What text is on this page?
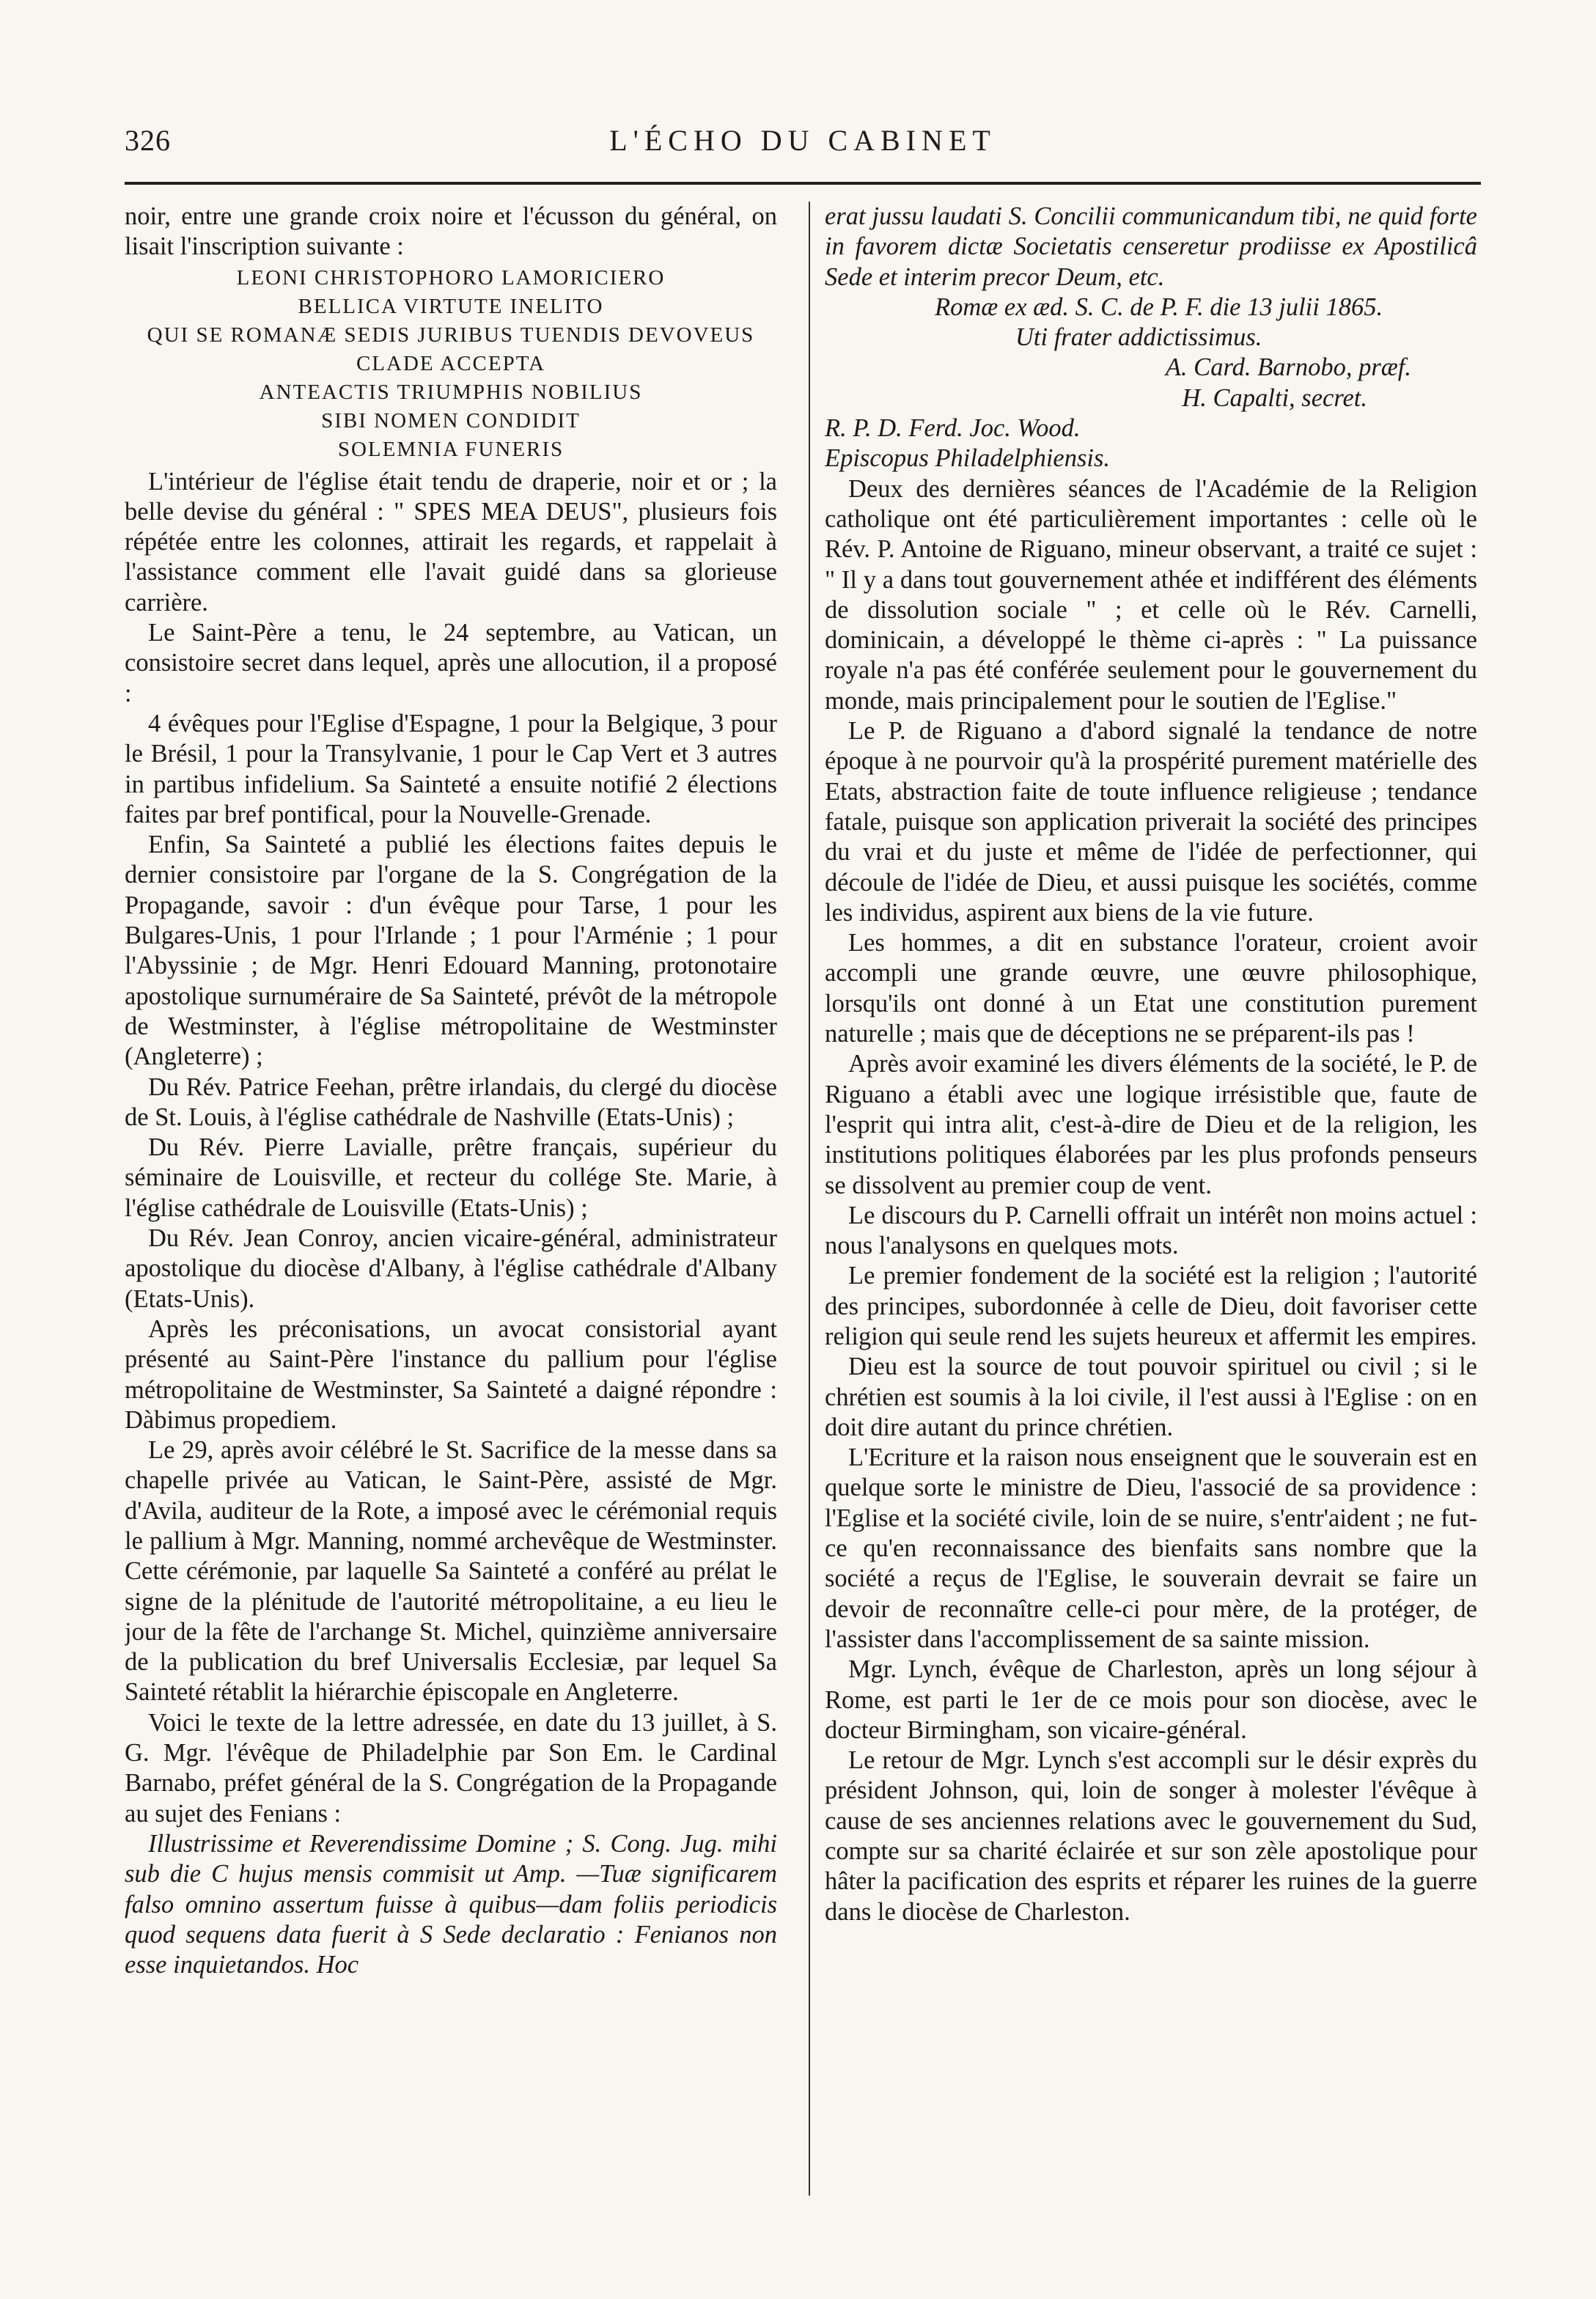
326	L'ÉCHO DU CABINET

noir, entre une grande croix noire et l'écusson du général, on lisait l'inscription suivante :

LEONI CHRISTOPHORO LAMORICIERO
BELLICA VIRTUTE INELITO
QUI SE ROMANÆ SEDIS JURIBUS TUENDIS DEVOVEUS
CLADE ACCEPTA
ANTEACTIS TRIUMPHIS NOBILIUS
SIBI NOMEN CONDIDIT
SOLEMNIA FUNERIS

L'intérieur de l'église était tendu de draperie, noir et or ; la belle devise du général : " SPES MEA DEUS", plusieurs fois répétée entre les colonnes, attirait les regards, et rappelait à l'assistance comment elle l'avait guidé dans sa glorieuse carrière.

Le Saint-Père a tenu, le 24 septembre, au Vatican, un consistoire secret dans lequel, après une allocution, il a proposé :

4 évêques pour l'Eglise d'Espagne, 1 pour la Belgique, 3 pour le Brésil, 1 pour la Transylvanie, 1 pour le Cap Vert et 3 autres in partibus infidelium. Sa Sainteté a ensuite notifié 2 élections faites par bref pontifical, pour la Nouvelle-Grenade.

Enfin, Sa Sainteté a publié les élections faites depuis le dernier consistoire par l'organe de la S. Congrégation de la Propagande, savoir : d'un évêque pour Tarse, 1 pour les Bulgares-Unis, 1 pour l'Irlande ; 1 pour l'Arménie ; 1 pour l'Abyssinie ; de Mgr. Henri Edouard Manning, protonotaire apostolique surnuméraire de Sa Sainteté, prévôt de la métropole de Westminster, à l'église métropolitaine de Westminster (Angleterre) ;

Du Rév. Patrice Feehan, prêtre irlandais, du clergé du diocèse de St. Louis, à l'église cathédrale de Nashville (Etats-Unis) ;

Du Rév. Pierre Lavialle, prêtre français, supérieur du séminaire de Louisville, et recteur du collége Ste. Marie, à l'église cathédrale de Louisville (Etats-Unis) ;

Du Rév. Jean Conroy, ancien vicaire-général, administrateur apostolique du diocèse d'Albany, à l'église cathédrale d'Albany (Etats-Unis).

Après les préconisations, un avocat consistorial ayant présenté au Saint-Père l'instance du pallium pour l'église métropolitaine de Westminster, Sa Sainteté a daigné répondre : Dàbimus propediem.

Le 29, après avoir célébré le St. Sacrifice de la messe dans sa chapelle privée au Vatican, le Saint-Père, assisté de Mgr. d'Avila, auditeur de la Rote, a imposé avec le cérémonial requis le pallium à Mgr. Manning, nommé archevêque de Westminster. Cette cérémonie, par laquelle Sa Sainteté a conféré au prélat le signe de la plénitude de l'autorité métropolitaine, a eu lieu le jour de la fête de l'archange St. Michel, quinzième anniversaire de la publication du bref Universalis Ecclesiæ, par lequel Sa Sainteté rétablit la hiérarchie épiscopale en Angleterre.

Voici le texte de la lettre adressée, en date du 13 juillet, à S. G. Mgr. l'évêque de Philadelphie par Son Em. le Cardinal Barnabo, préfet général de la S. Congrégation de la Propagande au sujet des Fenians :

Illustrissime et Reverendissime Domine ; S. Cong. Jug. mihi sub die C hujus mensis commisit ut Amp. —Tuæ significarem falso omnino assertum fuisse à quibus—dam foliis periodicis quod sequens data fuerit à S Sede declaratio : Fenianos non esse inquietandos. Hoc

erat jussu laudati S. Concilii communicandum tibi, ne quid forte in favorem dictæ Societatis censeretur prodiisse ex Apostilicâ Sede et interim precor Deum, etc.

Romæ ex æd. S. C. de P. F. die 13 julii 1865.

Uti frater addictissimus.

A. Card. Barnobo, præf.

H. Capalti, secret.

R. P. D. Ferd. Joc. Wood.

Episcopus Philadelphiensis.

Deux des dernières séances de l'Académie de la Religion catholique ont été particulièrement importantes : celle où le Rév. P. Antoine de Riguano, mineur observant, a traité ce sujet : " Il y a dans tout gouvernement athée et indifférent des éléments de dissolution sociale " ; et celle où le Rév. Carnelli, dominicain, a développé le thème ci-après : " La puissance royale n'a pas été conférée seulement pour le gouvernement du monde, mais principalement pour le soutien de l'Eglise."

Le P. de Riguano a d'abord signalé la tendance de notre époque à ne pourvoir qu'à la prospérité purement matérielle des Etats, abstraction faite de toute influence religieuse ; tendance fatale, puisque son application priverait la société des principes du vrai et du juste et même de l'idée de perfectionner, qui découle de l'idée de Dieu, et aussi puisque les sociétés, comme les individus, aspirent aux biens de la vie future.

Les hommes, a dit en substance l'orateur, croient avoir accompli une grande œuvre, une œuvre philosophique, lorsqu'ils ont donné à un Etat une constitution purement naturelle ; mais que de déceptions ne se préparent-ils pas !

Après avoir examiné les divers éléments de la société, le P. de Riguano a établi avec une logique irrésistible que, faute de l'esprit qui intra alit, c'est-à-dire de Dieu et de la religion, les institutions politiques élaborées par les plus profonds penseurs se dissolvent au premier coup de vent.

Le discours du P. Carnelli offrait un intérêt non moins actuel : nous l'analysons en quelques mots.

Le premier fondement de la société est la religion ; l'autorité des principes, subordonnée à celle de Dieu, doit favoriser cette religion qui seule rend les sujets heureux et affermit les empires.

Dieu est la source de tout pouvoir spirituel ou civil ; si le chrétien est soumis à la loi civile, il l'est aussi à l'Eglise : on en doit dire autant du prince chrétien.

L'Ecriture et la raison nous enseignent que le souverain est en quelque sorte le ministre de Dieu, l'associé de sa providence : l'Eglise et la société civile, loin de se nuire, s'entr'aident ; ne fut-ce qu'en reconnaissance des bienfaits sans nombre que la société a reçus de l'Eglise, le souverain devrait se faire un devoir de reconnaître celle-ci pour mère, de la protéger, de l'assister dans l'accomplissement de sa sainte mission.

Mgr. Lynch, évêque de Charleston, après un long séjour à Rome, est parti le 1er de ce mois pour son diocèse, avec le docteur Birmingham, son vicaire-général.

Le retour de Mgr. Lynch s'est accompli sur le désir exprès du président Johnson, qui, loin de songer à molester l'évêque à cause de ses anciennes relations avec le gouvernement du Sud, compte sur sa charité éclairée et sur son zèle apostolique pour hâter la pacification des esprits et réparer les ruines de la guerre dans le diocèse de Charleston.
